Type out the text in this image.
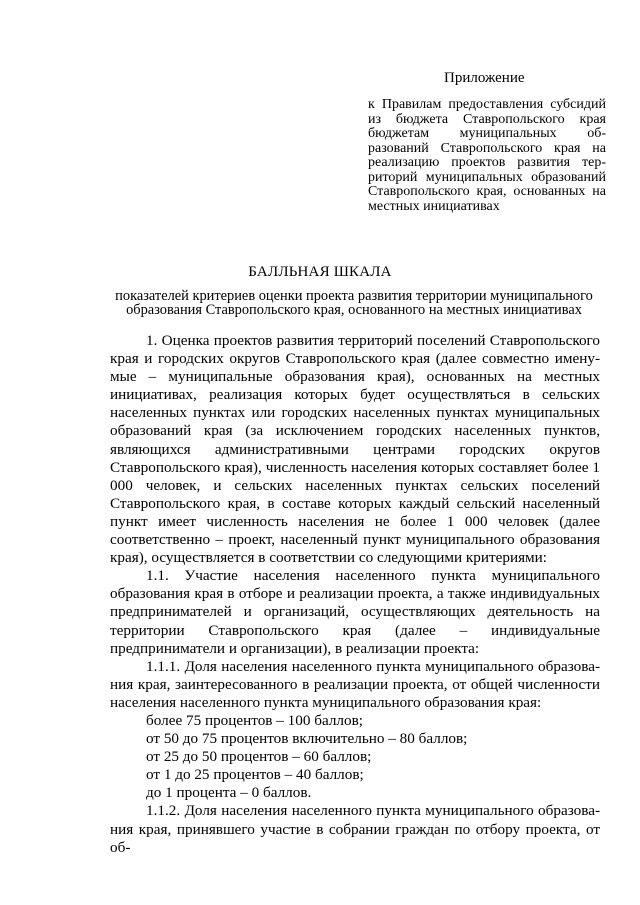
Приложение
к Правилам предоставления субсидий из бюджета Ставропольского края бюджетам муниципальных образований Ставропольского края на реализацию проектов развития территорий муниципальных образований Ставропольского края, основанных на местных инициативах
БАЛЛЬНАЯ ШКАЛА
показателей критериев оценки проекта развития территории муниципального образования Ставропольского края, основанного на местных инициативах

1. Оценка проектов развития территорий поселений Ставропольского края и городских округов Ставропольского края (далее совместно именумые – муниципальные образования края), основанных на местных инициативах, реализация которых будет осуществляться в сельских населенных пунктах или городских населенных пунктах муниципальных образований края (за исключением городских населенных пунктов, являющихся административными центрами городских округов Ставропольского края), численность населения которых составляет более 1 000 человек, и сельских населенных пунктах сельских поселений Ставропольского края, в составе которых каждый сельский населенный пункт имеет численность населения не более 1 000 человек (далее соответственно – проект, населенный пункт муниципального образования края), осуществляется в соответствии со следующими критериями:

1.1. Участие населения населенного пункта муниципального образования края в отборе и реализации проекта, а также индивидуальных предпринимателей и организаций, осуществляющих деятельность на территории Ставропольского края (далее – индивидуальные предприниматели и организации), в реализации проекта:

1.1.1. Доля населения населенного пункта муниципального образования края, заинтересованного в реализации проекта, от общей численности населения населенного пункта муниципального образования края:

более 75 процентов – 100 баллов;

от 50 до 75 процентов включительно – 80 баллов;

от 25 до 50 процентов – 60 баллов;

от 1 до 25 процентов – 40 баллов;

до 1 процента – 0 баллов.

1.1.2. Доля населения населенного пункта муниципального образования края, принявшего участие в собрании граждан по отбору проекта, от об-
